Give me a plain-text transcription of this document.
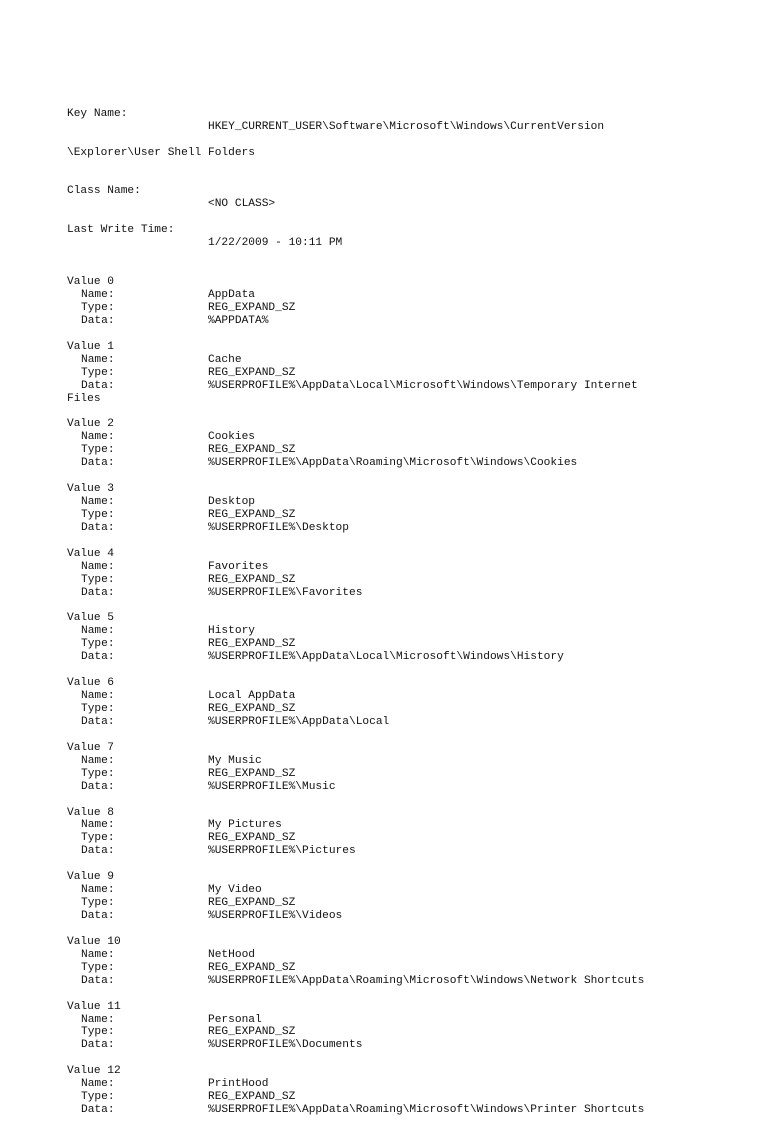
Key Name:

HKEY_CURRENT_USER\Software\Microsoft\Windows\CurrentVersion

\Explorer\User Shell Folders

Class Name:

<NO CLASS>

Last Write Time:

1/22/2009 - 10:11 PM

Value 0
Name:	AppData
Type:	REG_EXPAND_SZ
Data:	%APPDATA%
Value 1
Name:	Cache
Type:	REG_EXPAND_SZ
Data:	%USERPROFILE%\AppData\Local\Microsoft\Windows\Temporary Internet
Files
Value 2
Name:	Cookies
Type:	REG_EXPAND_SZ
Data:	%USERPROFILE%\AppData\Roaming\Microsoft\Windows\Cookies
Value 3
Name:	Desktop
Type:	REG_EXPAND_SZ
Data:	%USERPROFILE%\Desktop
Value 4
Name:	Favorites
Type:	REG_EXPAND_SZ
Data:	%USERPROFILE%\Favorites
Value 5
Name:	History
Type:	REG_EXPAND_SZ
Data:	%USERPROFILE%\AppData\Local\Microsoft\Windows\History
Value 6
Name:	Local AppData
Type:	REG_EXPAND_SZ
Data:	%USERPROFILE%\AppData\Local
Value 7
Name:	My Music
Type:	REG_EXPAND_SZ
Data:	%USERPROFILE%\Music
Value 8
Name:	My Pictures
Type:	REG_EXPAND_SZ
Data:	%USERPROFILE%\Pictures
Value 9
Name:	My Video
Type:	REG_EXPAND_SZ
Data:	%USERPROFILE%\Videos
Value 10
Name:	NetHood
Type:	REG_EXPAND_SZ
Data:	%USERPROFILE%\AppData\Roaming\Microsoft\Windows\Network Shortcuts
Value 11
Name:	Personal
Type:	REG_EXPAND_SZ
Data:	%USERPROFILE%\Documents
Value 12
Name:	PrintHood
Type:	REG_EXPAND_SZ
Data:	%USERPROFILE%\AppData\Roaming\Microsoft\Windows\Printer Shortcuts
